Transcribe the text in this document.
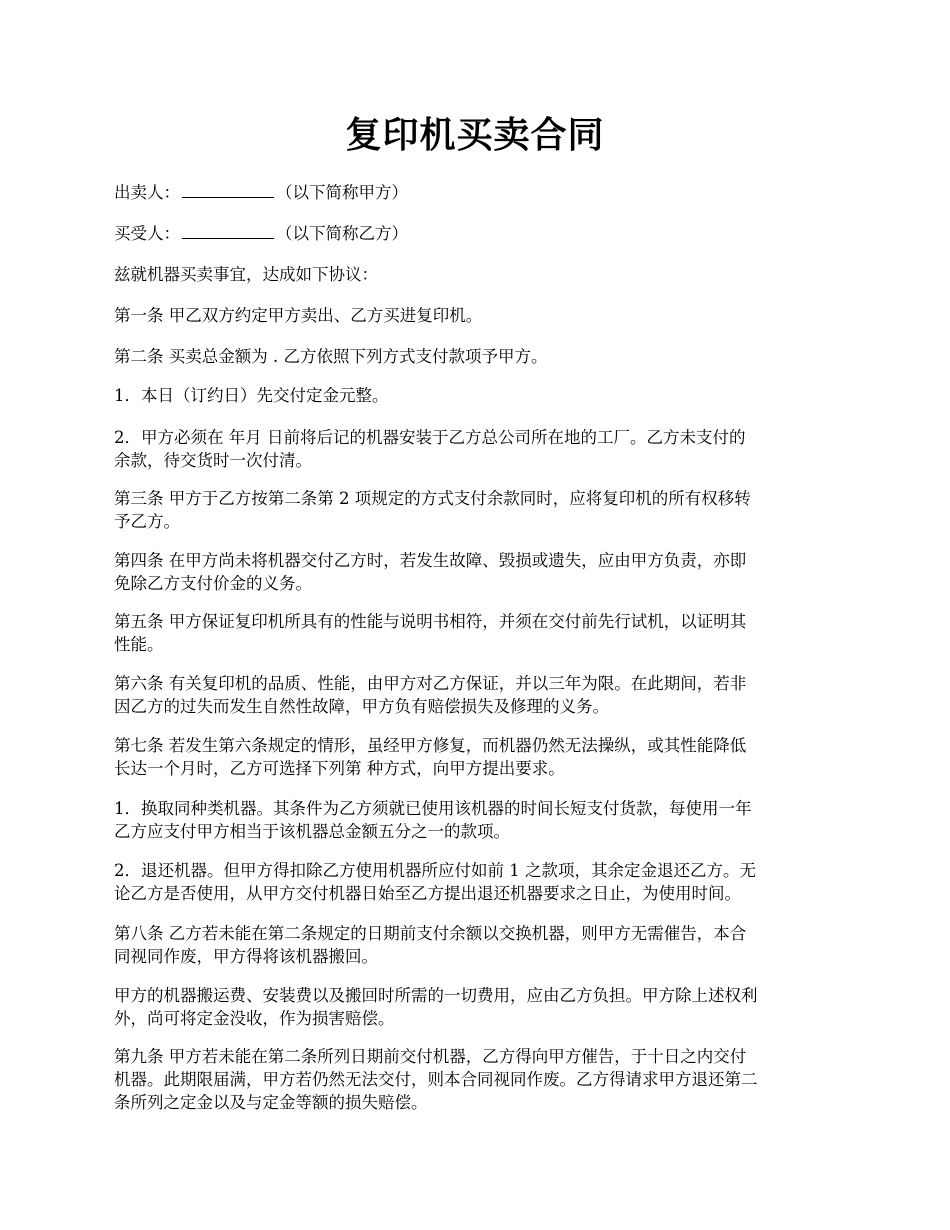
复印机买卖合同
出卖人：	（以下简称甲方）
买受人：	（以下简称乙方）
兹就机器买卖事宜，达成如下协议：
第一条 甲乙双方约定甲方卖出、乙方买进复印机。
第二条 买卖总金额为 . 乙方依照下列方式支付款项予甲方。
1．本日（订约日）先交付定金元整。
2．甲方必须在 年月 日前将后记的机器安装于乙方总公司所在地的工厂。乙方未支付的
余款，待交货时一次付清。
第三条 甲方于乙方按第二条第 2 项规定的方式支付余款同时，应将复印机的所有权移转
予乙方。
第四条 在甲方尚未将机器交付乙方时，若发生故障、毁损或遗失，应由甲方负责，亦即
免除乙方支付价金的义务。
第五条 甲方保证复印机所具有的性能与说明书相符，并须在交付前先行试机，以证明其
性能。
第六条 有关复印机的品质、性能，由甲方对乙方保证，并以三年为限。在此期间，若非
因乙方的过失而发生自然性故障，甲方负有赔偿损失及修理的义务。
第七条 若发生第六条规定的情形，虽经甲方修复，而机器仍然无法操纵，或其性能降低
长达一个月时，乙方可选择下列第 种方式，向甲方提出要求。
1．换取同种类机器。其条件为乙方须就已使用该机器的时间长短支付货款，每使用一年
乙方应支付甲方相当于该机器总金额五分之一的款项。
2．退还机器。但甲方得扣除乙方使用机器所应付如前 1 之款项，其余定金退还乙方。无
论乙方是否使用，从甲方交付机器日始至乙方提出退还机器要求之日止，为使用时间。
第八条 乙方若未能在第二条规定的日期前支付余额以交换机器，则甲方无需催告，本合
同视同作废，甲方得将该机器搬回。
甲方的机器搬运费、安装费以及搬回时所需的一切费用，应由乙方负担。甲方除上述权利
外，尚可将定金没收，作为损害赔偿。
第九条 甲方若未能在第二条所列日期前交付机器，乙方得向甲方催告，于十日之内交付
机器。此期限届满，甲方若仍然无法交付，则本合同视同作废。乙方得请求甲方退还第二
条所列之定金以及与定金等额的损失赔偿。
